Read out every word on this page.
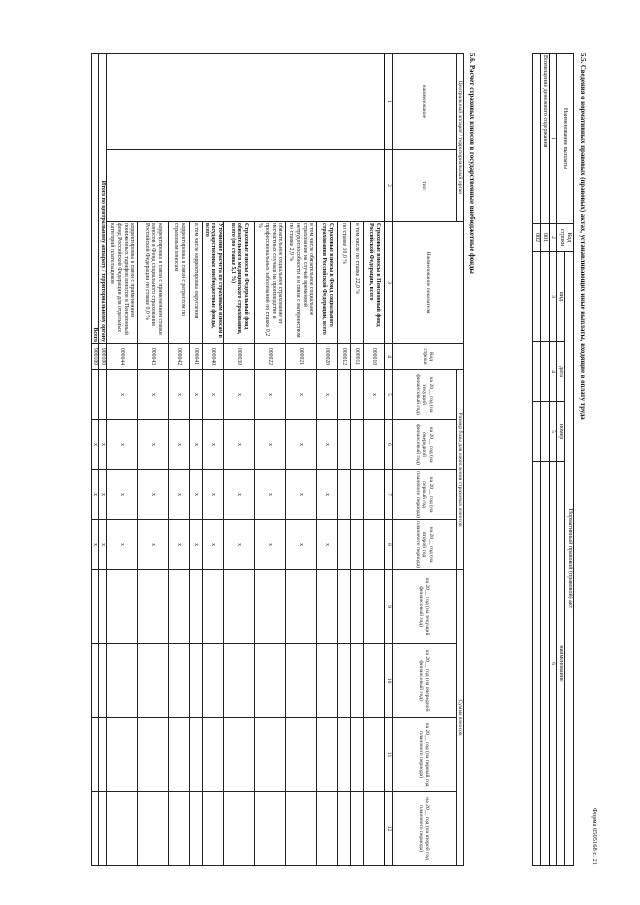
Форма 0505168 с. 21
5.5. Сведения о нормативных правовых (правовых) актах, устанавливающих иные выплаты, входящие в оплату труда
Наименование выплаты	Код строки	Нормативный правовой (правовой) акт			
		вид	дата	номер	наименование
1	2	3	4	5	6
Возмещение денежного содержания	001				
	002				
5.6. Расчет страховых взносов в государственные внебюджетные фонды
Центральный аппарат / территориальный орган		Наименование показателя	Код строки	Размер базы для начисления страховых взносов				Сумма взносов			
наименование	тип			на 20__ год (на текущий финансовый год)	на 20__ год (на очередной финансовый год)	на 20__ год (на первый год планового периода)	на 20__ год (на второй год планового периода)	на 20__ год (на текущий финансовый год)	на 20__ год (на очередной финансовый год)	на 20__ год (на первый год планового периода)	на 20__ год (на второй год планового периода)

1	2	3	4	5	6	7	8	9	10	11	12
		Страховые взносы в Пенсионный фонд Российской Федерации, всего	000010	x							
		в том числе по ставке 22,0 %	000011								
		по ставке 10,0 %	000012								
		Страховые взносы в Фонд социального страхования Российской Федерации, всего	000020	x	x	x	x				
		в том числе обязательное социальное страхование на случай временной нетрудоспособности и в связи с материнством по ставке 2,9 %	000021	x	x	x	x				
		обязательное социальное страхование от несчастных случаев на производстве и профессиональных заболеваний по ставке 0,2 %	000022	x	x	x	x				
		Страховые взносы в Федеральный фонд обязательного медицинского страхования, всего (по ставке 5,1 %)	000030	x	x	x	x				
		Уточнение расчета по страховым взносам в государственные внебюджетные фонды, всего	000040	x	x	x	x				
		в том числе корректировка округления	000041	x	x	x	x				
		корректировка в связи с регрессом по страховым взносам	000042	x	x	x	x				
		корректировка в связи с применением ставки взносов в Фонд социального страхования Российской Федерации по ставке 0,0 %	000043	x	x	x	x				
		корректировка в связи с применением пониженных тарифов взносов в Пенсионный фонд Российской Федерации для отдельных категорий плательщиков	000044	x	x	x	x				
Итого по центральному аппарату / территориальному органу			900100		x	x	x				
Всего			900100		x	x	x				
